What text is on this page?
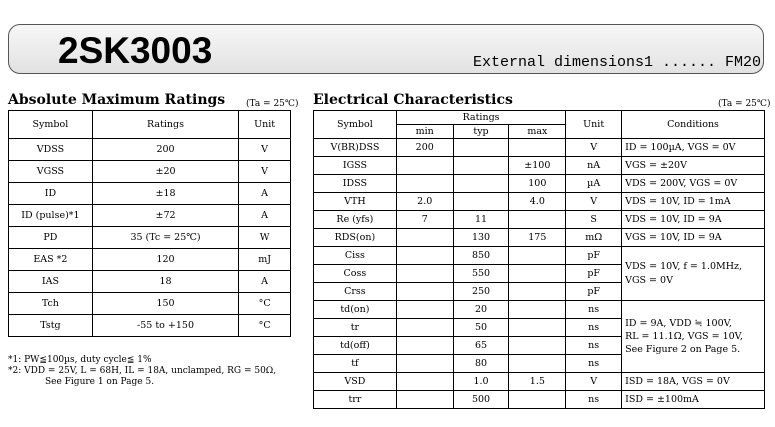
2SK3003	External dimensions1 ...... FM20
Absolute Maximum Ratings (Ta = 25℃)
Symbol	Ratings	Unit
VDSS	200	V
VGSS	±20	V
ID	±18	A
ID (pulse)*1	±72	A
PD	35 (Tc = 25℃)	W
EAS *2	120	mJ
IAS	18	A
Tch	150	°C
Tstg	-55 to +150	°C
*1: PW≦100µs, duty cycle≦ 1%
*2: VDD = 25V, L = 68H, IL = 18A, unclamped, RG = 50Ω,
See Figure 1 on Page 5.
Electrical Characteristics	(Ta = 25℃)
Symbol	Ratings			Unit	Conditions
	min	typ	max		
V(BR)DSS	200			V	ID = 100µA, VGS = 0V
IGSS			±100	nA	VGS = ±20V
IDSS			100	µA	VDS = 200V, VGS = 0V
VTH	2.0		4.0	V	VDS = 10V, ID = 1mA
Re (yfs)	7	11		S	VDS = 10V, ID = 9A
RDS(on)		130	175	mΩ	VGS = 10V, ID = 9A
Ciss		850		pF	VDS = 10V, f = 1.0MHz,
VGS = 0V

Coss		550		pF	
Crss		250		pF	
td(on)		20		ns	ID = 9A, VDD ≒ 100V,
RL = 11.1Ω, VGS = 10V,
See Figure 2 on Page 5.

tr		50		ns	
td(off)		65		ns	
tf		80		ns	
VSD		1.0	1.5	V	ISD = 18A, VGS = 0V
trr		500		ns	ISD = ±100mA
